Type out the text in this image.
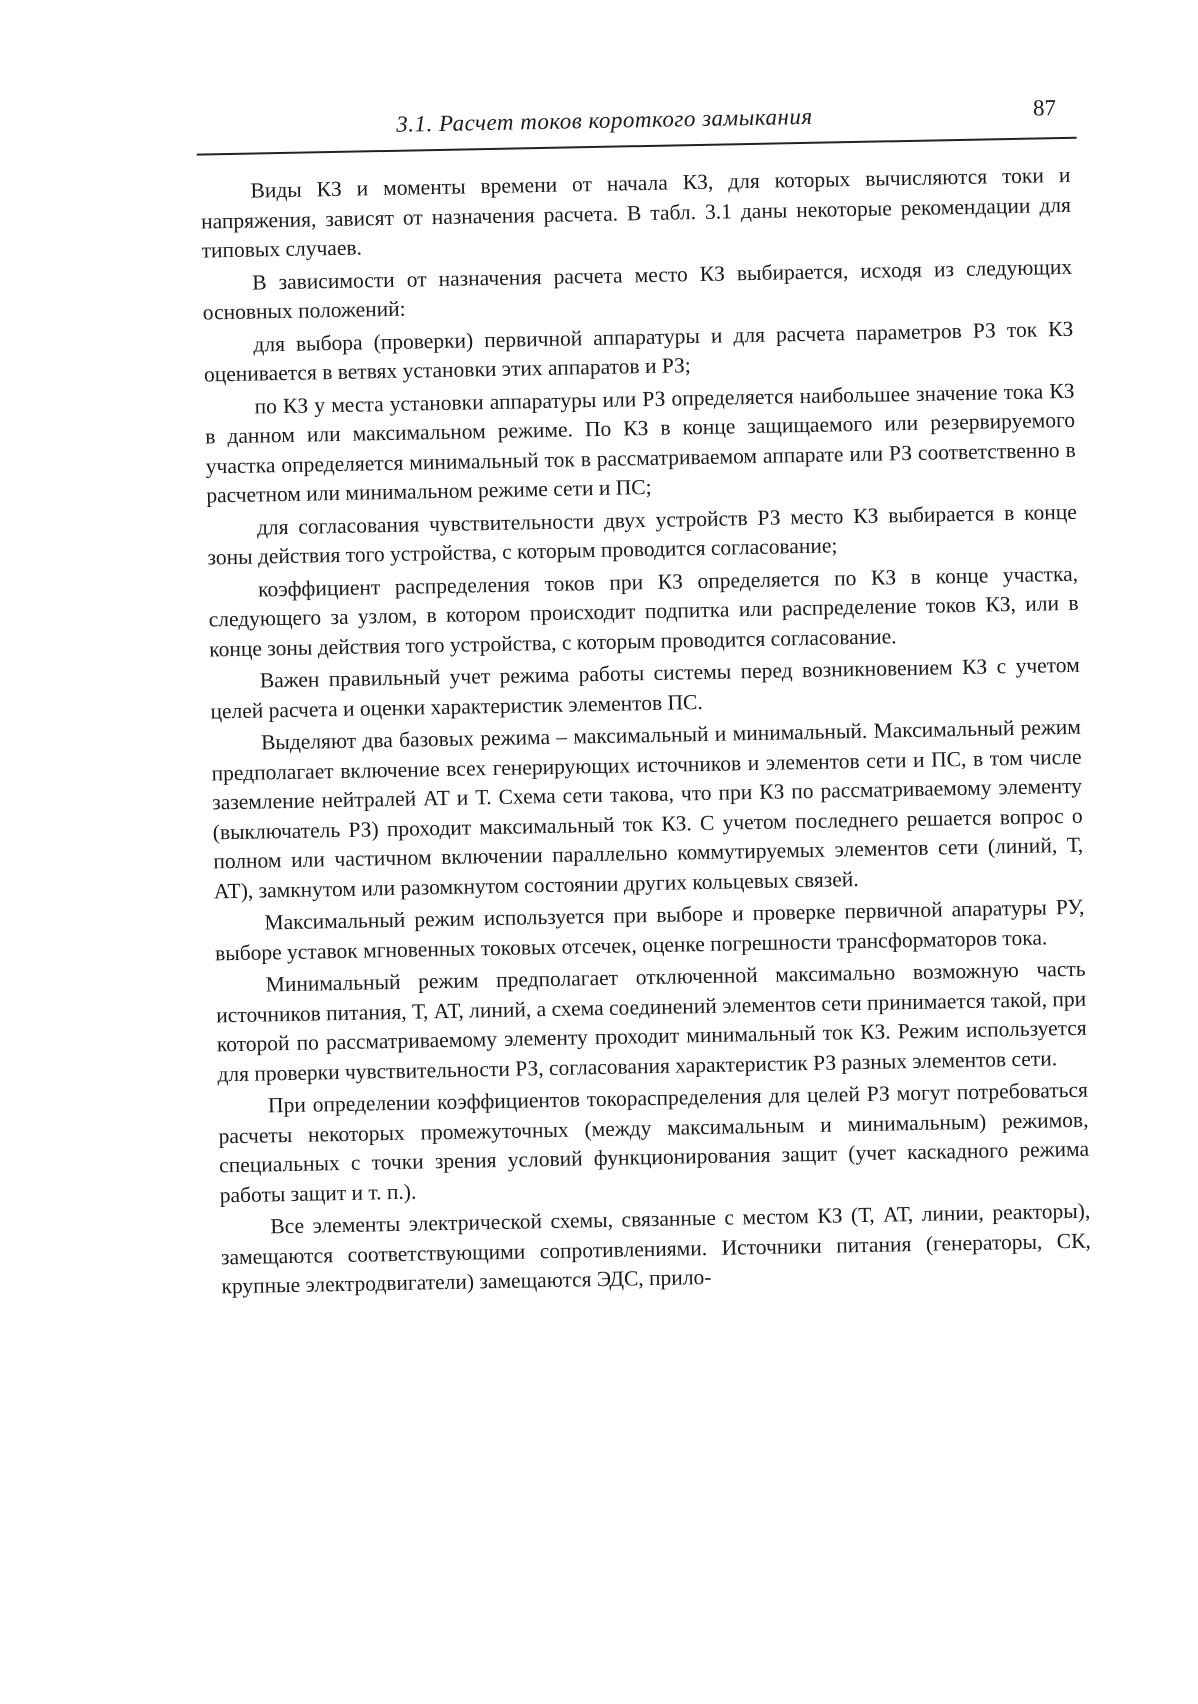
3.1. Расчет токов короткого замыкания	87

Виды КЗ и моменты времени от начала КЗ, для которых вычисляются токи и напряжения, зависят от назначения расчета. В табл. 3.1 даны некоторые рекомендации для типовых случаев.

В зависимости от назначения расчета место КЗ выбирается, исходя из следующих основных положений:

для выбора (проверки) первичной аппаратуры и для расчета параметров РЗ ток КЗ оценивается в ветвях установки этих аппаратов и РЗ;

по КЗ у места установки аппаратуры или РЗ определяется наибольшее значение тока КЗ в данном или максимальном режиме. По КЗ в конце защищаемого или резервируемого участка определяется минимальный ток в рассматриваемом аппарате или РЗ соответственно в расчетном или минимальном режиме сети и ПС;

для согласования чувствительности двух устройств РЗ место КЗ выбирается в конце зоны действия того устройства, с которым проводится согласование;

коэффициент распределения токов при КЗ определяется по КЗ в конце участка, следующего за узлом, в котором происходит подпитка или распределение токов КЗ, или в конце зоны действия того устройства, с которым проводится согласование.

Важен правильный учет режима работы системы перед возникновением КЗ с учетом целей расчета и оценки характеристик элементов ПС.

Выделяют два базовых режима – максимальный и минимальный. Максимальный режим предполагает включение всех генерирующих источников и элементов сети и ПС, в том числе заземление нейтралей АТ и Т. Схема сети такова, что при КЗ по рассматриваемому элементу (выключатель РЗ) проходит максимальный ток КЗ. С учетом последнего решается вопрос о полном или частичном включении параллельно коммутируемых элементов сети (линий, Т, АТ), замкнутом или разомкнутом состоянии других кольцевых связей.

Максимальный режим используется при выборе и проверке первичной апаратуры РУ, выборе уставок мгновенных токовых отсечек, оценке погрешности трансформаторов тока.

Минимальный режим предполагает отключенной максимально возможную часть источников питания, Т, АТ, линий, а схема соединений элементов сети принимается такой, при которой по рассматриваемому элементу проходит минимальный ток КЗ. Режим используется для проверки чувствительности РЗ, согласования характеристик РЗ разных элементов сети.

При определении коэффициентов токораспределения для целей РЗ могут потребоваться расчеты некоторых промежуточных (между максимальным и минимальным) режимов, специальных с точки зрения условий функционирования защит (учет каскадного режима работы защит и т. п.).

Все элементы электрической схемы, связанные с местом КЗ (Т, АТ, линии, реакторы), замещаются соответствующими сопротивлениями. Источники питания (генераторы, СК, крупные электродвигатели) замещаются ЭДС, прило-
